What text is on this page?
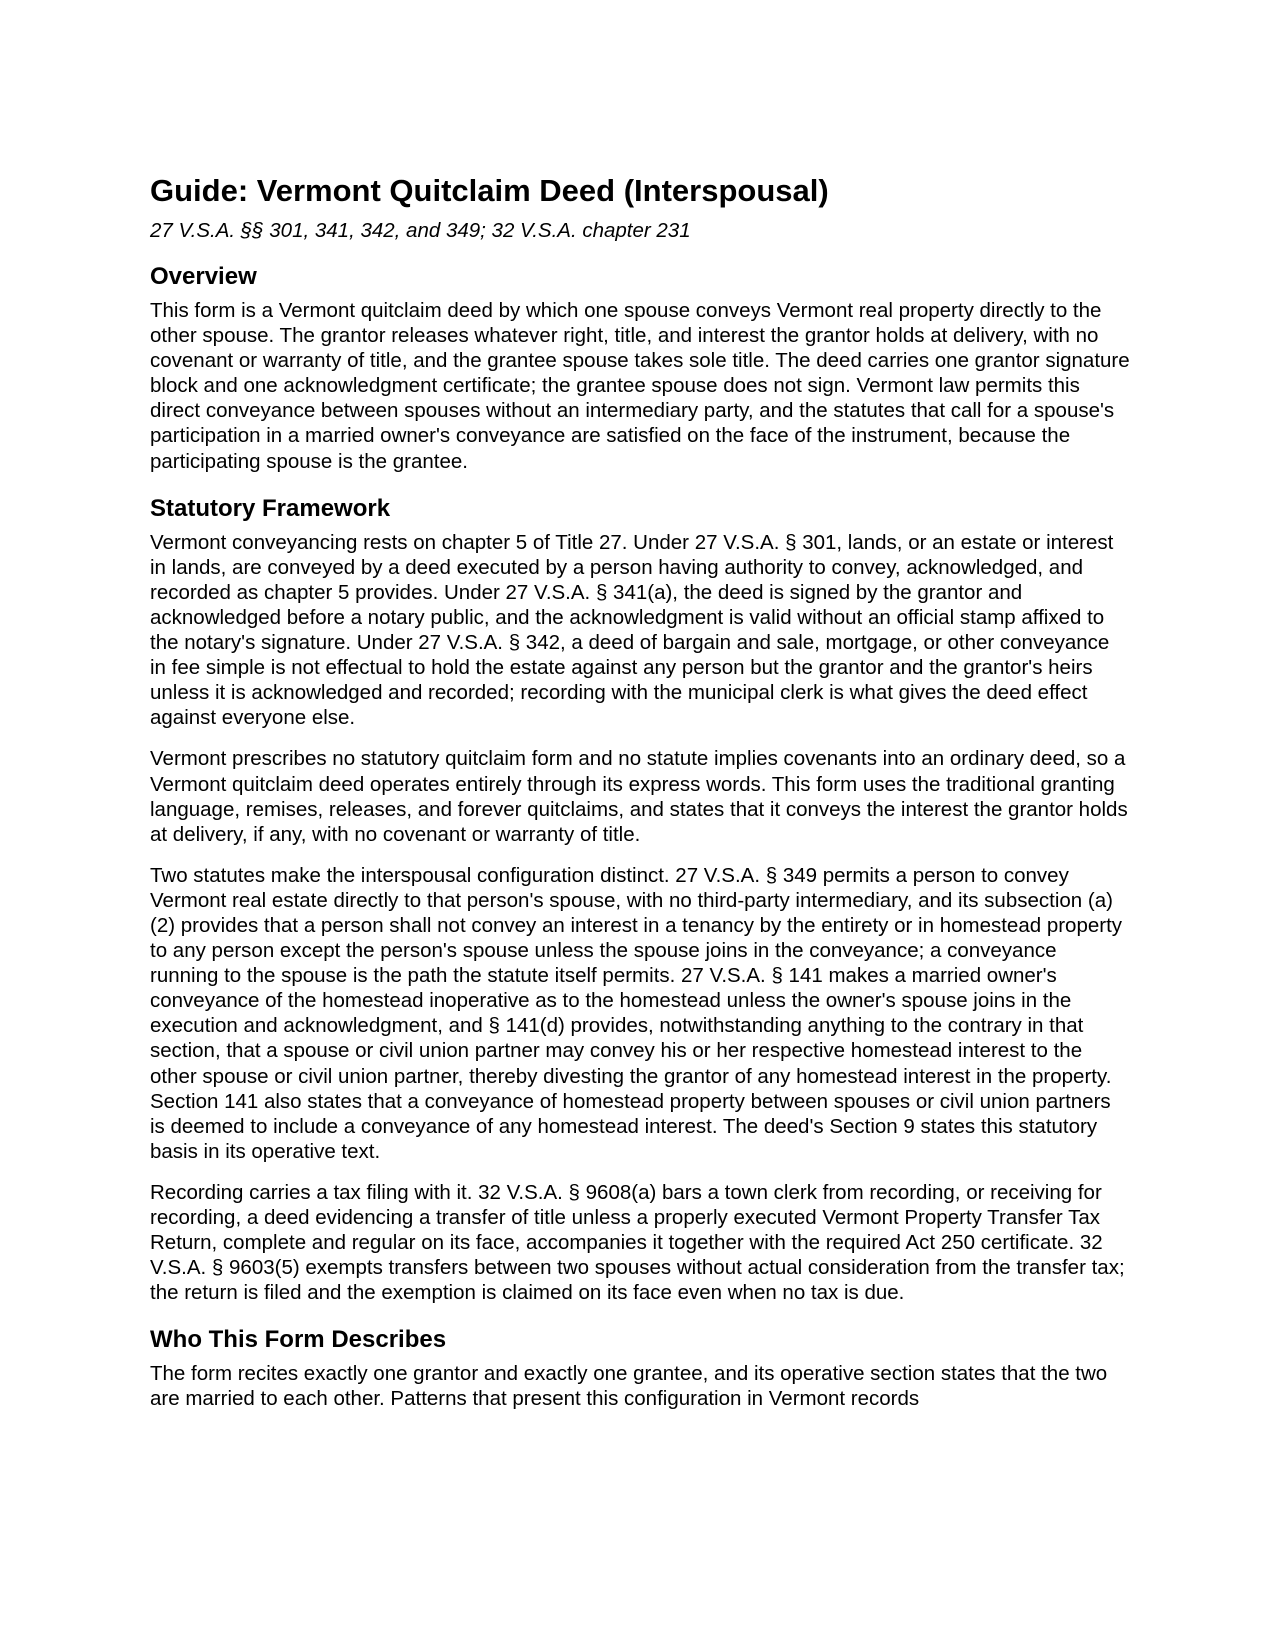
Guide: Vermont Quitclaim Deed (Interspousal)
27 V.S.A. §§ 301, 341, 342, and 349; 32 V.S.A. chapter 231
Overview

This form is a Vermont quitclaim deed by which one spouse conveys Vermont real property directly to the other spouse. The grantor releases whatever right, title, and interest the grantor holds at delivery, with no covenant or warranty of title, and the grantee spouse takes sole title. The deed carries one grantor signature block and one acknowledgment certificate; the grantee spouse does not sign. Vermont law permits this direct conveyance between spouses without an intermediary party, and the statutes that call for a spouse's participation in a married owner's conveyance are satisfied on the face of the instrument, because the participating spouse is the grantee.

Statutory Framework

Vermont conveyancing rests on chapter 5 of Title 27. Under 27 V.S.A. § 301, lands, or an estate or interest in lands, are conveyed by a deed executed by a person having authority to convey, acknowledged, and recorded as chapter 5 provides. Under 27 V.S.A. § 341(a), the deed is signed by the grantor and acknowledged before a notary public, and the acknowledgment is valid without an official stamp affixed to the notary's signature. Under 27 V.S.A. § 342, a deed of bargain and sale, mortgage, or other conveyance in fee simple is not effectual to hold the estate against any person but the grantor and the grantor's heirs unless it is acknowledged and recorded; recording with the municipal clerk is what gives the deed effect against everyone else.

Vermont prescribes no statutory quitclaim form and no statute implies covenants into an ordinary deed, so a Vermont quitclaim deed operates entirely through its express words. This form uses the traditional granting language, remises, releases, and forever quitclaims, and states that it conveys the interest the grantor holds at delivery, if any, with no covenant or warranty of title.

Two statutes make the interspousal configuration distinct. 27 V.S.A. § 349 permits a person to convey Vermont real estate directly to that person's spouse, with no third-party intermediary, and its subsection (a)(2) provides that a person shall not convey an interest in a tenancy by the entirety or in homestead property to any person except the person's spouse unless the spouse joins in the conveyance; a conveyance running to the spouse is the path the statute itself permits. 27 V.S.A. § 141 makes a married owner's conveyance of the homestead inoperative as to the homestead unless the owner's spouse joins in the execution and acknowledgment, and § 141(d) provides, notwithstanding anything to the contrary in that section, that a spouse or civil union partner may convey his or her respective homestead interest to the other spouse or civil union partner, thereby divesting the grantor of any homestead interest in the property. Section 141 also states that a conveyance of homestead property between spouses or civil union partners is deemed to include a conveyance of any homestead interest. The deed's Section 9 states this statutory basis in its operative text.

Recording carries a tax filing with it. 32 V.S.A. § 9608(a) bars a town clerk from recording, or receiving for recording, a deed evidencing a transfer of title unless a properly executed Vermont Property Transfer Tax Return, complete and regular on its face, accompanies it together with the required Act 250 certificate. 32 V.S.A. § 9603(5) exempts transfers between two spouses without actual consideration from the transfer tax; the return is filed and the exemption is claimed on its face even when no tax is due.

Who This Form Describes

The form recites exactly one grantor and exactly one grantee, and its operative section states that the two are married to each other. Patterns that present this configuration in Vermont records
